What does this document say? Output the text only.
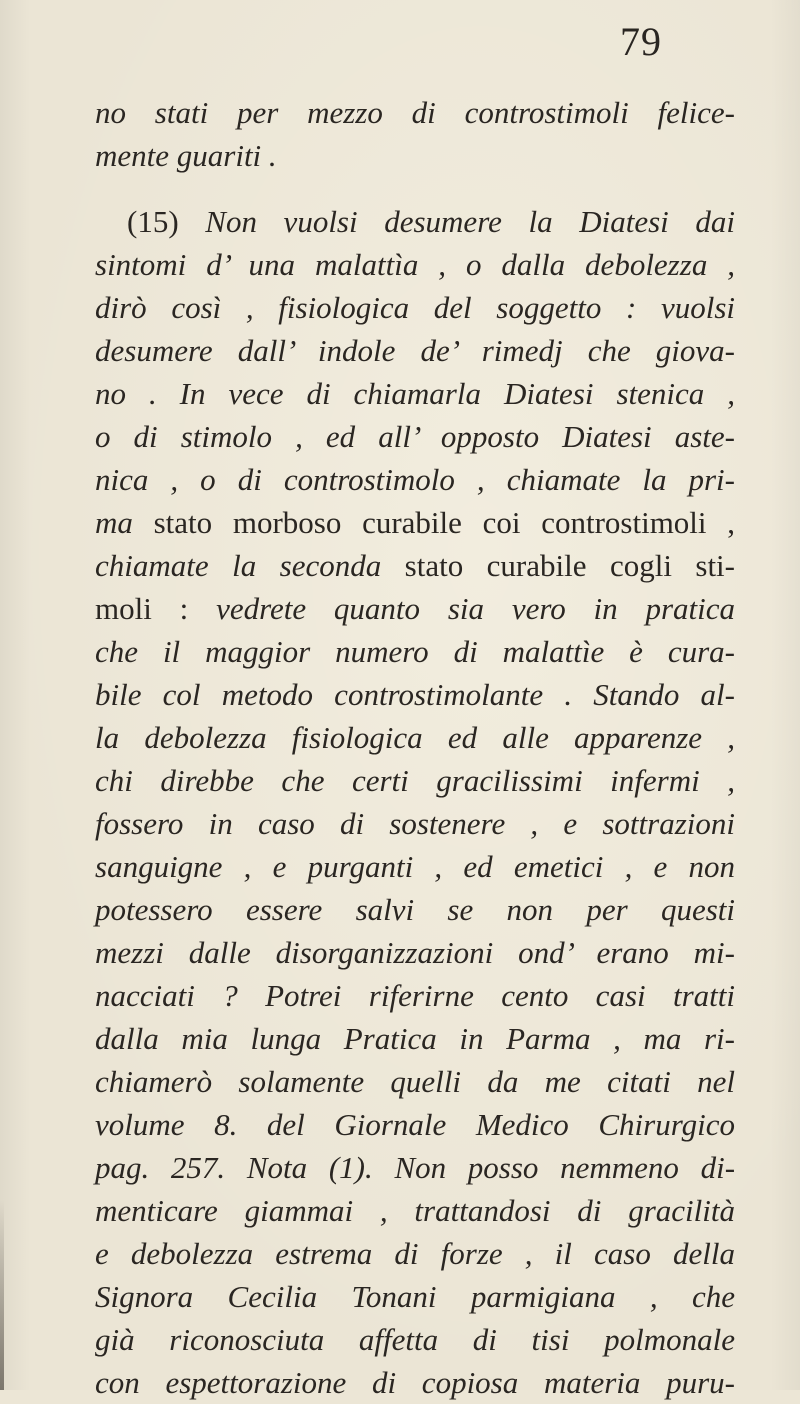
79
no stati per mezzo di controstimoli felice-
mente guariti .
(15) Non vuolsi desumere la Diatesi dai
sintomi d’ una malattìa , o dalla debolezza ,
dirò così , fisiologica del soggetto : vuolsi
desumere dall’ indole de’ rimedj che giova-
no . In vece di chiamarla Diatesi stenica ,
o di stimolo , ed all’ opposto Diatesi aste-
nica , o di controstimolo , chiamate la pri-
ma stato morboso curabile coi controstimoli ,
chiamate la seconda stato curabile cogli sti-
moli : vedrete quanto sia vero in pratica
che il maggior numero di malattìe è cura-
bile col metodo controstimolante . Stando al-
la debolezza fisiologica ed alle apparenze ,
chi direbbe che certi gracilissimi infermi ,
fossero in caso di sostenere , e sottrazioni
sanguigne , e purganti , ed emetici , e non
potessero essere salvi se non per questi
mezzi dalle disorganizzazioni ond’ erano mi-
nacciati ? Potrei riferirne cento casi tratti
dalla mia lunga Pratica in Parma , ma ri-
chiamerò solamente quelli da me citati nel
volume 8. del Giornale Medico Chirurgico
pag. 257. Nota (1). Non posso nemmeno di-
menticare giammai , trattandosi di gracilità
e debolezza estrema di forze , il caso della
Signora Cecilia Tonani parmigiana , che
già riconosciuta affetta di tisi polmonale
con espettorazione di copiosa materia puru-
